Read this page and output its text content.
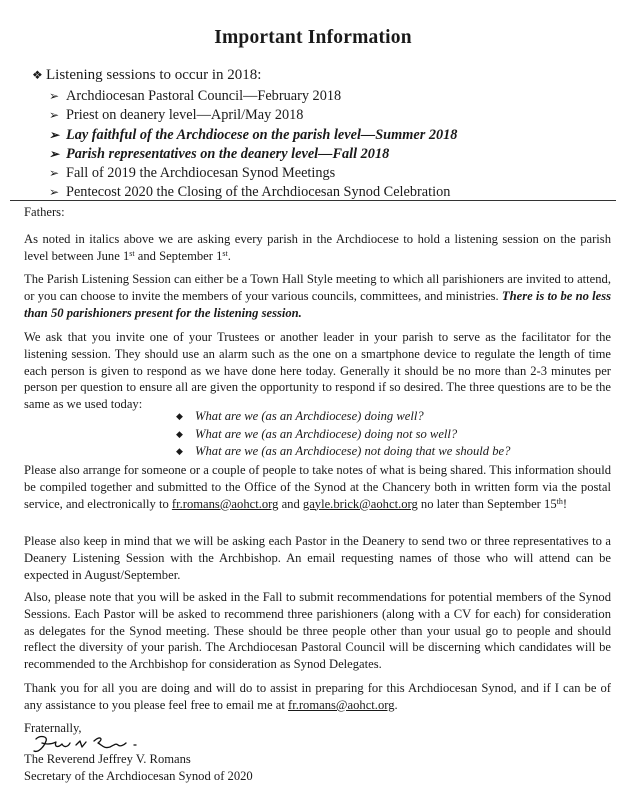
Important Information
❖ Listening sessions to occur in 2018:
➢ Archdiocesan Pastoral Council—February 2018
➢ Priest on deanery level—April/May 2018
➢ Lay faithful of the Archdiocese on the parish level—Summer 2018
➢ Parish representatives on the deanery level—Fall 2018
➢ Fall of 2019 the Archdiocesan Synod Meetings
➢ Pentecost 2020 the Closing of the Archdiocesan Synod Celebration

Fathers:

As noted in italics above we are asking every parish in the Archdiocese to hold a listening session on the parish level between June 1st and September 1st.

The Parish Listening Session can either be a Town Hall Style meeting to which all parishioners are invited to attend, or you can choose to invite the members of your various councils, committees, and ministries. There is to be no less than 50 parishioners present for the listening session.

We ask that you invite one of your Trustees or another leader in your parish to serve as the facilitator for the listening session. They should use an alarm such as the one on a smartphone device to regulate the length of time each person is given to respond as we have done here today. Generally it should be no more than 2-3 minutes per person per question to ensure all are given the opportunity to respond if so desired. The three questions are to be the same as we used today:

◆ What are we (as an Archdiocese) doing well?
◆ What are we (as an Archdiocese) doing not so well?
◆ What are we (as an Archdiocese) not doing that we should be?

Please also arrange for someone or a couple of people to take notes of what is being shared. This information should be compiled together and submitted to the Office of the Synod at the Chancery both in written form via the postal service, and electronically to fr.romans@aohct.org and gayle.brick@aohct.org no later than September 15th!

Please also keep in mind that we will be asking each Pastor in the Deanery to send two or three representatives to a Deanery Listening Session with the Archbishop. An email requesting names of those who will attend can be expected in August/September.

Also, please note that you will be asked in the Fall to submit recommendations for potential members of the Synod Sessions. Each Pastor will be asked to recommend three parishioners (along with a CV for each) for consideration as delegates for the Synod meeting. These should be three people other than your usual go to people and should reflect the diversity of your parish. The Archdiocesan Pastoral Council will be discerning which candidates will be recommended to the Archbishop for consideration as Synod Delegates.

Thank you for all you are doing and will do to assist in preparing for this Archdiocesan Synod, and if I can be of any assistance to you please feel free to email me at fr.romans@aohct.org.

Fraternally,

The Reverend Jeffrey V. Romans

Secretary of the Archdiocesan Synod of 2020
